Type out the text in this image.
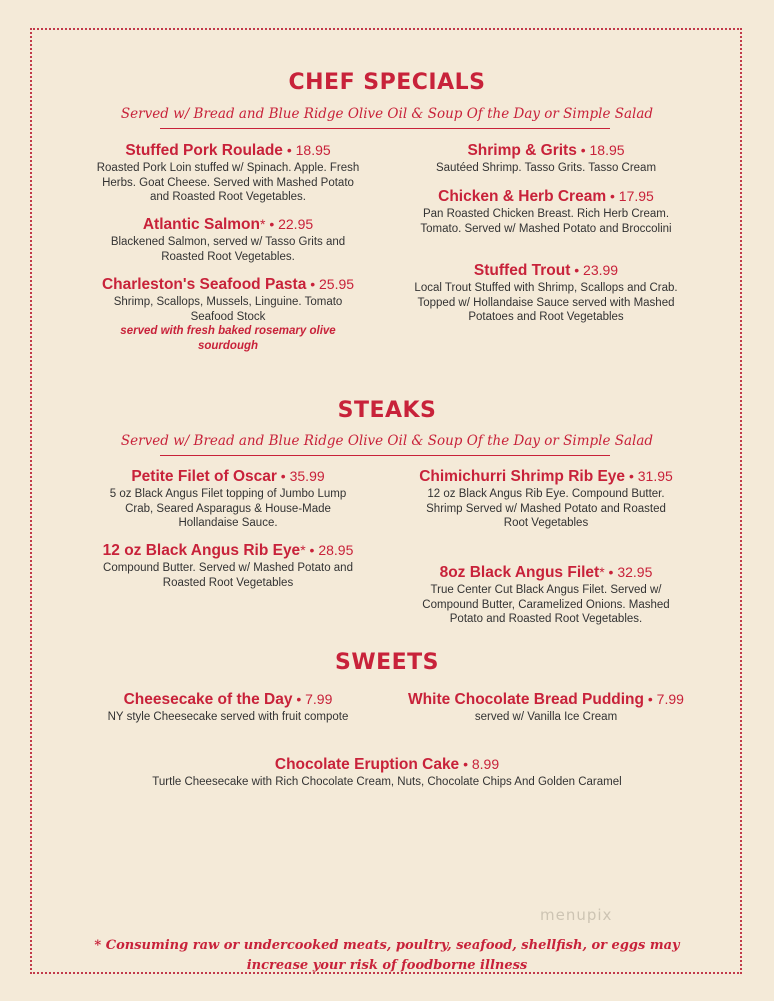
CHEF SPECIALS
Served w/ Bread and Blue Ridge Olive Oil & Soup Of the Day or Simple Salad
Stuffed Pork Roulade • 18.95
Roasted Pork Loin stuffed w/ Spinach. Apple. Fresh Herbs. Goat Cheese. Served with Mashed Potato and Roasted Root Vegetables.
Atlantic Salmon* • 22.95
Blackened Salmon, served w/ Tasso Grits and Roasted Root Vegetables.
Charleston's Seafood Pasta • 25.95
Shrimp, Scallops, Mussels, Linguine. Tomato Seafood Stock
served with fresh baked rosemary olive sourdough
Shrimp & Grits • 18.95
Sautéed Shrimp. Tasso Grits. Tasso Cream
Chicken & Herb Cream • 17.95
Pan Roasted Chicken Breast. Rich Herb Cream. Tomato. Served w/ Mashed Potato and Broccolini
Stuffed Trout • 23.99
Local Trout Stuffed with Shrimp, Scallops and Crab. Topped w/ Hollandaise Sauce served with Mashed Potatoes and Root Vegetables
STEAKS
Served w/ Bread and Blue Ridge Olive Oil & Soup Of the Day or Simple Salad
Petite Filet of Oscar • 35.99
5 oz Black Angus Filet topping of Jumbo Lump Crab, Seared Asparagus & House-Made Hollandaise Sauce.
12 oz Black Angus Rib Eye* • 28.95
Compound Butter. Served w/ Mashed Potato and Roasted Root Vegetables
Chimichurri Shrimp Rib Eye • 31.95
12 oz Black Angus Rib Eye. Compound Butter. Shrimp Served w/ Mashed Potato and Roasted Root Vegetables
8oz Black Angus Filet* • 32.95
True Center Cut Black Angus Filet. Served w/ Compound Butter, Caramelized Onions. Mashed Potato and Roasted Root Vegetables.
SWEETS
Cheesecake of the Day • 7.99
NY style Cheesecake served with fruit compote
White Chocolate Bread Pudding • 7.99
served w/ Vanilla Ice Cream
Chocolate Eruption Cake • 8.99
Turtle Cheesecake with Rich Chocolate Cream, Nuts, Chocolate Chips And Golden Caramel
menupix
* Consuming raw or undercooked meats, poultry, seafood, shellfish, or eggs may increase your risk of foodborne illness
